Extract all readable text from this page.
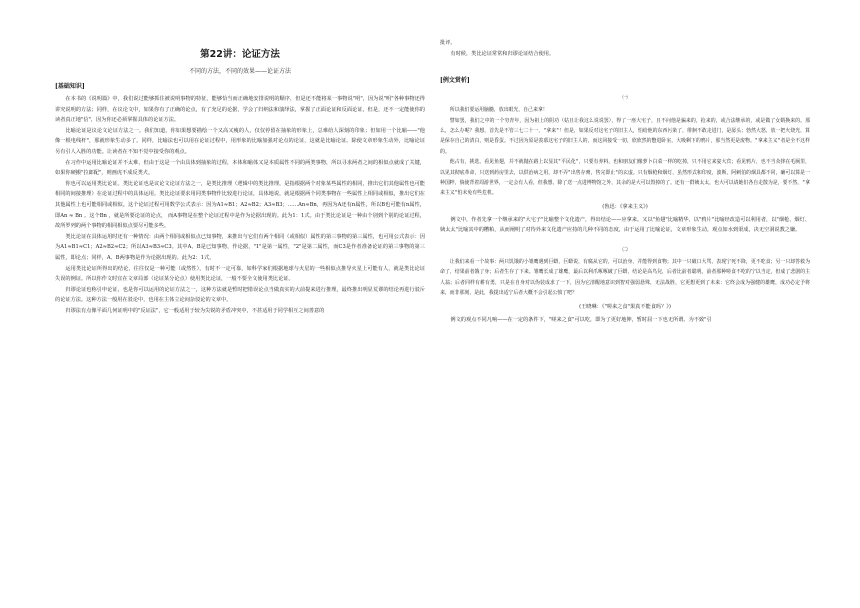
第22讲：论证方法
不同的方法，不同的效果——论证方法
[基础知识]

在本书的《说明篇》中，我们说过能够抓住被说明事物的特征，能够恰当而正确地安排说明的顺序，但是还不能将某一事物说"明"，因为说"明"各种事物还得讲究说明的方法；同样，在议论文中，如果你有了正确的论点，有了充足的论据，学会了归纳法和演绎法，掌握了正面论证和反面论证，但是，还不一定能使你的读者真正地"信"，因为你还必须掌握具体的论证方法。

比喻论证是议论文论证方法之一。我们知道，你如果想要描绘一个又高又瘦的人，仅仅停留在抽象的形象上，总难给人深刻的印象；但如用一个比喻——"他像一根电线杆"，那就形象生动多了。同样，比喻法也可以用在论证过程中，用形象的比喻加强对论点的论证，这就是比喻论证。除使文章形象生动外，比喻论证另有引人入胜的功能。让读者在不知不觉中接受你的观点。

在习作中运用比喻论证并不太难，但由于这是一个由具体到抽象的过程，本体和喻体又是本质属性不同的两类事物，所以寻求两者之间的相似点就成了关键，如果你硬搬"拉郎配"，则画虎不成反类犬。

你也可以运用类比论证。类比论证也是议论文论证方法之一，是类比推理（逻辑中的类比推理，是指根据两个对象某些属性的相同，推出它们其他属性也可能相同的间接推理）在论证过程中的具体运用。类比论证要求用同类事物作比较进行论证，具体地说，就是根据两个同类事物在一些属性上相同或相似，推出它们在其他属性上也可能相同或相似。这个论证过程可用数学公式表示：因为A1≈B1；A2≈B2；A3≈B3；……An≈Bn，再因为A还有n属性，所以B也可能有n属性，即An ≈ Bn 。这个Bn ，就是所要论证的论点， 而A事物是在整个论证过程中是作为论据出现的。此为1：1式。由于类比论证是一种由个别到个别的论证过程，故所罗列的两个事物的相同相似点要尽可能多些。

类比论证在具体运用时还有一种情况：由两个相同或相似点已知事物，来推出与它们有两个相同（或相似）属性的第三事物的第三属性，也可用公式表示：因为A1≈B1≈C1；A2≈B2≈C2；所以A3≈B3≈C3。其中A、B是已知事物，作论据，"1"是第一属性，"2"是第二属性，而C3是作者准备论证的第三事物的第三属性，即论点；同样，A、B两事物是作为论据出现的。此为2：1式。

运用类比论证所得出的结论，往往仅是一种可能（或然性），有时不一定可靠，如科学家们根据地球与火星的一些相似点推导火星上可能有人，就是类比论证失误的例证。所以你作文时宜在文章局部（论证某分论点）使用类比论证，一般不要全文使用类比论证。

归谬论证也称引申论证，也是你可以运用的论证方法之一，这种方法就是暂时把错误论点当做真实的大前提来进行推理，最终推出明显荒谬的结论再进行驳斥的论证方法。这种方法一般用在驳论中，也用在主体立论间杂驳论的文章中。

归谬法有点像平面几何证明中的"反证法"，它一般适用于较为尖锐的矛盾冲突中，不甚适用于同学相互之间善意的

批评。

有时候，类比论证常常和归谬论证结合使用。

[例文赏析]
㈠

所以我们要运用脑髓，放出眼光，自己来拿！

譬如罢，我们之中的一个穷青年，因为祖上的阴功（姑且让我这么说说罢），得了一座大宅子，且不问他是骗来的，抢来的，或合法继承的，或是做了女婿换来的。那么，怎么办呢？我想，首先是不管三七二十一，"拿来"！但是，如果反对这宅子的旧主人，怕给他的东西污染了，徘徊不敢走进门，是孱头；勃然大怒，放一把火烧光，算是保存自己的清白，则是昏蛋。不过因为原是羡慕这宅子的旧主人的，而这回接受一切，欣欣然的蹩进卧室，大吸剩下的鸦片，那当然更是废物。"拿来主义"者是全不这样的。

他占有，挑选。看见鱼翅，并不就抛在路上以显其"平民化"，只要有养料，也和朋友们像萝卜白菜一样的吃掉，只不用它来宴大宾；看见鸦片，也不当众摔在毛厕里，以见其彻底革命，只送到药房里去，以供治病之用，却不弄"出售存膏，售完即止"的玄虚。只有烟枪和烟灯，虽然形式和印度，波斯，阿剌伯的烟具都不同，确可以算是一种国粹，倘使背着周游世界，一定会有人看，但我想，除了送一点进博物馆之外，其余的是大可以毁掉的了。还有一群姨太太，也大可以请她们各自走散为是，要不然，"拿来主义"怕未免有些危机。

(鲁迅：《拿来主义》)

例文中，作者先拿一个继承来的"大宅子"比喻整个文化遗产，得出结论——应拿来。又以"鱼翅"比喻精华，以"鸦片"比喻经改造可以利用者，以"烟枪、烟灯、姨太太"比喻其中的糟粕，从而阐明了对待外来文化遗产应持的几种不同的态度，由于运用了比喻论证，文章形象生动，观点如水到渠成，决无空洞说教之嫌。

㈡

让我们来看一个故事：两只饥饿的小雏鹰遇到巨蟒，巨蟒说，有腐从它的，可以治身，并能得到食物；其中一只破口大骂，表现宁死不降，更不吃食；另一只却答救为命了，结果前者饿了身；后者生存了下来。雏鹰长成了雄鹰，最后以利爪啄啄破了巨蟒，结论是高鸟兒，后者比前者聪明。前者那种嗟食不吃的宁以当定，但成了悲剧的主人翁；后者同样有耕有勇，只是在自身对以伪装成求了一下，因为它清醒地意识到智对强弱悬殊，无法战胜，它更想更到了未来：它终会成为强健的雄鹰，成功必定予将来，而非那刻，是此，我提出适宁后者大概不会引起公愤了吧？

(王晓琳：《"嗟来之食"果真不能食吗？》)

例文的观点不同凡响——在一定的条件下，"嗟来之食"可以吃，即为了更好地伸，暂时屈一下也无所谓。为不致"引
